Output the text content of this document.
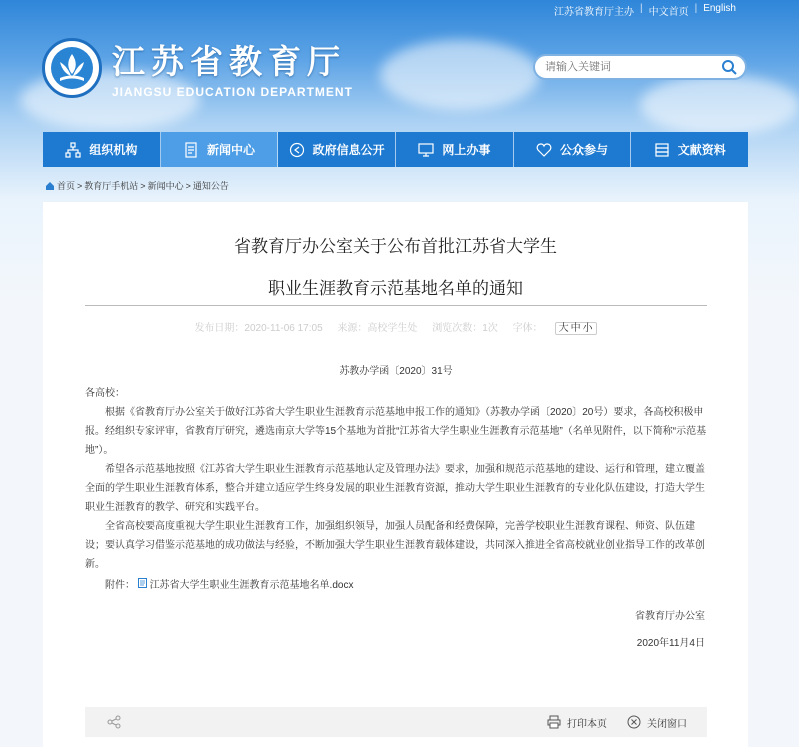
江苏省教育厅主办 | 中文首页 | English
江苏省教育厅
JIANGSU EDUCATION DEPARTMENT
请输入关键词
组织机构	新闻中心	政府信息公开	网上办事	公众参与	文献资料
首页 > 教育厅手机站 > 新闻中心 > 通知公告
省教育厅办公室关于公布首批江苏省大学生
职业生涯教育示范基地名单的通知
发布日期：2020-11-06 17:05 来源：高校学生处 浏览次数：1次 字体： 大 中 小
苏教办学函〔2020〕31号
各高校：
根据《省教育厅办公室关于做好江苏省大学生职业生涯教育示范基地申报工作的通知》（苏教办学函〔2020〕20号）要求，各高校积极申报。经组织专家评审，省教育厅研究，遴选南京大学等15个基地为首批“江苏省大学生职业生涯教育示范基地”（名单见附件，以下简称“示范基地”）。
希望各示范基地按照《江苏省大学生职业生涯教育示范基地认定及管理办法》要求，加强和规范示范基地的建设、运行和管理，建立覆盖全面的学生职业生涯教育体系，整合并建立适应学生终身发展的职业生涯教育资源，推动大学生职业生涯教育的专业化队伍建设，打造大学生职业生涯教育的教学、研究和实践平台。
全省高校要高度重视大学生职业生涯教育工作，加强组织领导，加强人员配备和经费保障，完善学校职业生涯教育课程、师资、队伍建设；要认真学习借鉴示范基地的成功做法与经验，不断加强大学生职业生涯教育载体建设，共同深入推进全省高校就业创业指导工作的改革创新。
附件： 江苏省大学生职业生涯教育示范基地名单.docx
省教育厅办公室
2020年11月4日
打印本页	关闭窗口
